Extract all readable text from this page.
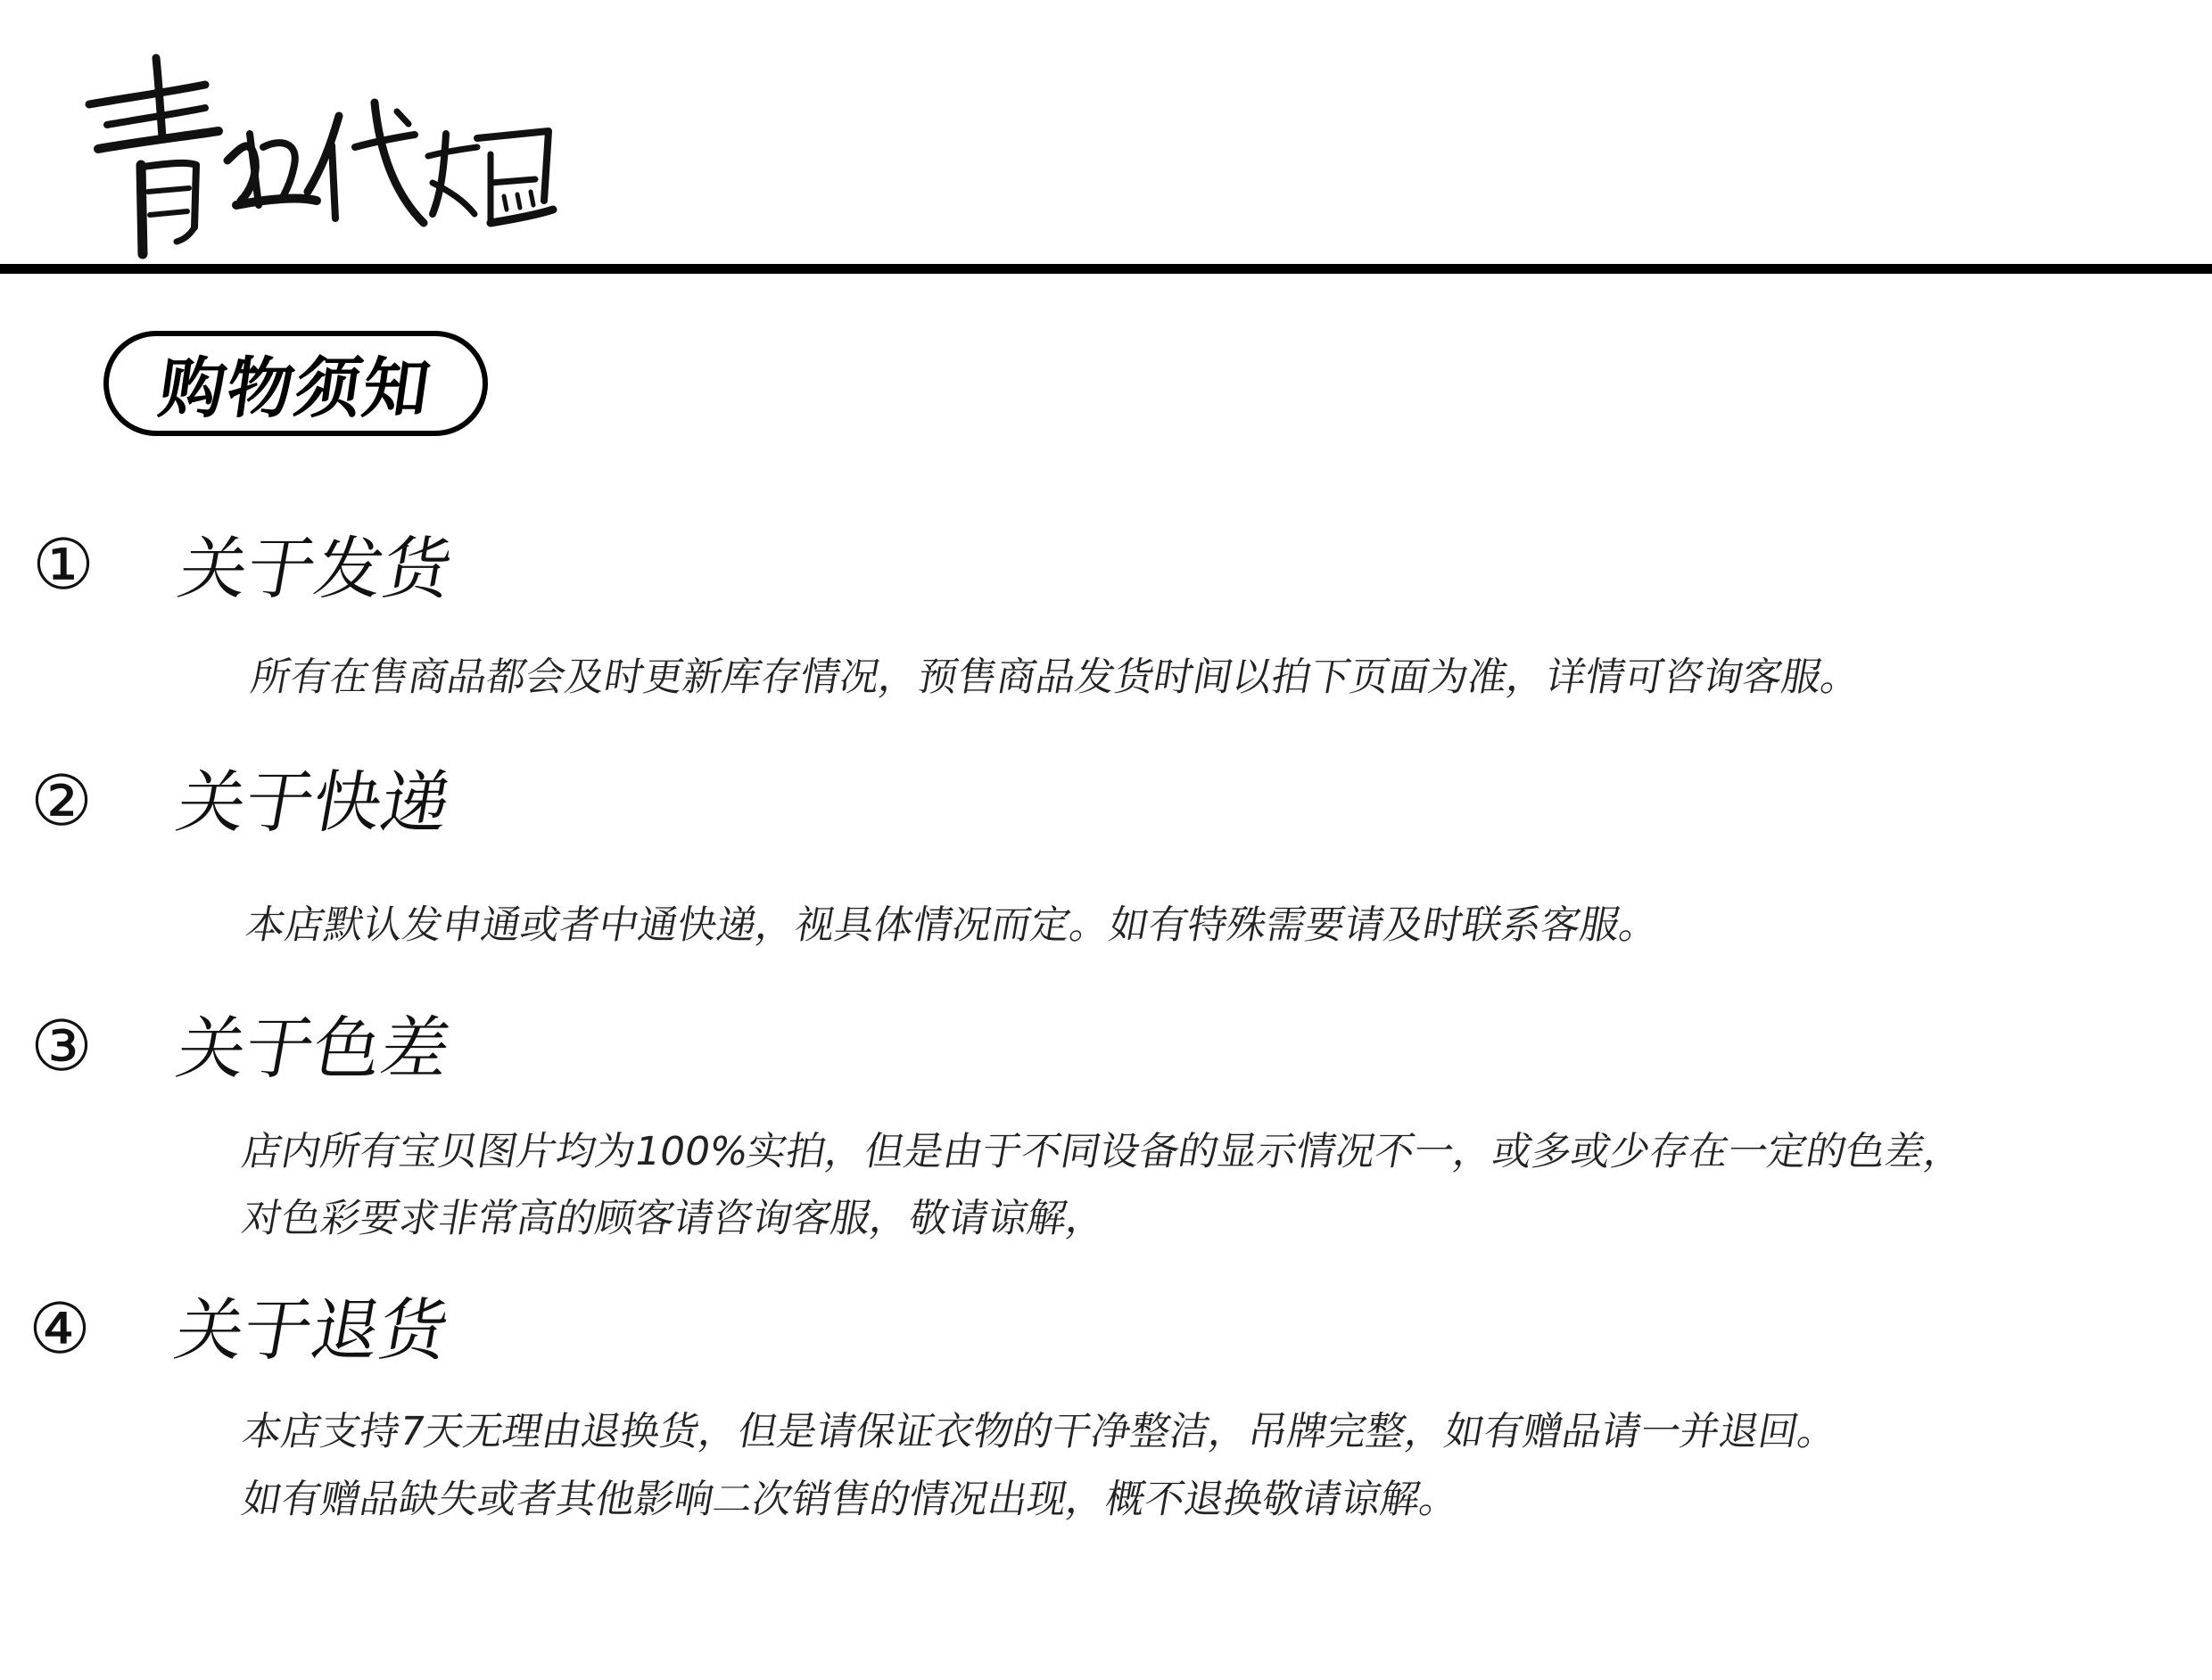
购物须知
① 关于发货
所有在售商品都会及时更新库存情况，预售商品发货时间以拍下页面为准，详情可咨询客服。
② 关于快递
本店默认发申通或者中通快递，视具体情况而定。如有特殊需要请及时联系客服。
③ 关于色差
店内所有宝贝图片均为100%实拍，但是由于不同设备的显示情况不一，或多或少存在一定的色差，
对色彩要求非常高的顾客请咨询客服，敬请谅解，
④ 关于退货
本店支持7天无理由退换货，但是请保证衣物的干净整洁，吊牌完整，如有赠品请一并退回。
如有赠品缺失或者其他影响二次销售的情况出现，概不退换敬请谅解。
